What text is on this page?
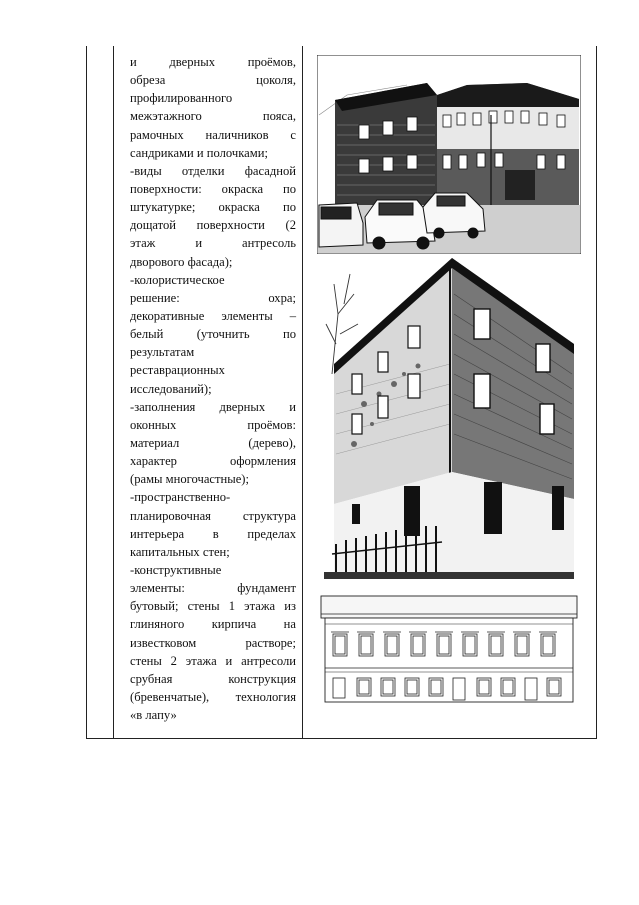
и дверных проёмов,
обреза цоколя,
профилированного
межэтажного пояса,
рамочных наличников с
сандриками и полочками;
-виды отделки фасадной
поверхности: окраска по
штукатурке; окраска по
дощатой поверхности (2
этаж и антресоль
дворового фасада);
-колористическое
решение: охра;
декоративные элементы –
белый (уточнить по
результатам
реставрационных
исследований);
-заполнения дверных и
оконных проёмов:
материал (дерево),
характер оформления
(рамы многочастные);
-пространственно-
планировочная структура
интерьера в пределах
капитальных стен;
-конструктивные
элементы: фундамент
бутовый; стены 1 этажа из
глиняного кирпича на
известковом растворе;
стены 2 этажа и антресоли
срубная конструкция
(бревенчатые), технология
«в лапу»
